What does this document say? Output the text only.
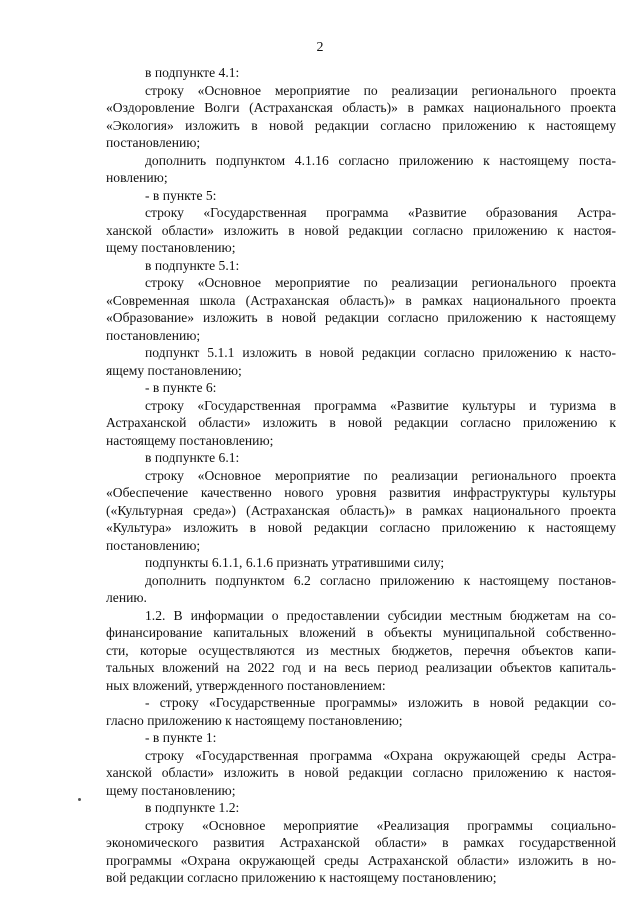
2
в подпункте 4.1:
строку «Основное мероприятие по реализации регионального проекта
«Оздоровление Волги (Астраханская область)» в рамках национального проекта
«Экология» изложить в новой редакции согласно приложению к настоящему
постановлению;
дополнить подпунктом 4.1.16 согласно приложению к настоящему поста-
новлению;
- в пункте 5:
строку «Государственная программа «Развитие образования Астра-
ханской области» изложить в новой редакции согласно приложению к настоя-
щему постановлению;
в подпункте 5.1:
строку «Основное мероприятие по реализации регионального проекта
«Современная школа (Астраханская область)» в рамках национального проекта
«Образование» изложить в новой редакции согласно приложению к настоящему
постановлению;
подпункт 5.1.1 изложить в новой редакции согласно приложению к насто-
ящему постановлению;
- в пункте 6:
строку «Государственная программа «Развитие культуры и туризма в
Астраханской области» изложить в новой редакции согласно приложению к
настоящему постановлению;
в подпункте 6.1:
строку «Основное мероприятие по реализации регионального проекта
«Обеспечение качественно нового уровня развития инфраструктуры культуры
(«Культурная среда») (Астраханская область)» в рамках национального проекта
«Культура» изложить в новой редакции согласно приложению к настоящему
постановлению;
подпункты 6.1.1, 6.1.6 признать утратившими силу;
дополнить подпунктом 6.2 согласно приложению к настоящему постанов-
лению.
1.2. В информации о предоставлении субсидии местным бюджетам на со-
финансирование капитальных вложений в объекты муниципальной собственно-
сти, которые осуществляются из местных бюджетов, перечня объектов капи-
тальных вложений на 2022 год и на весь период реализации объектов капиталь-
ных вложений, утвержденного постановлением:
- строку «Государственные программы» изложить в новой редакции со-
гласно приложению к настоящему постановлению;
- в пункте 1:
строку «Государственная программа «Охрана окружающей среды Астра-
ханской области» изложить в новой редакции согласно приложению к настоя-
щему постановлению;
в подпункте 1.2:
строку «Основное мероприятие «Реализация программы социально-
экономического развития Астраханской области» в рамках государственной
программы «Охрана окружающей среды Астраханской области» изложить в но-
вой редакции согласно приложению к настоящему постановлению;
